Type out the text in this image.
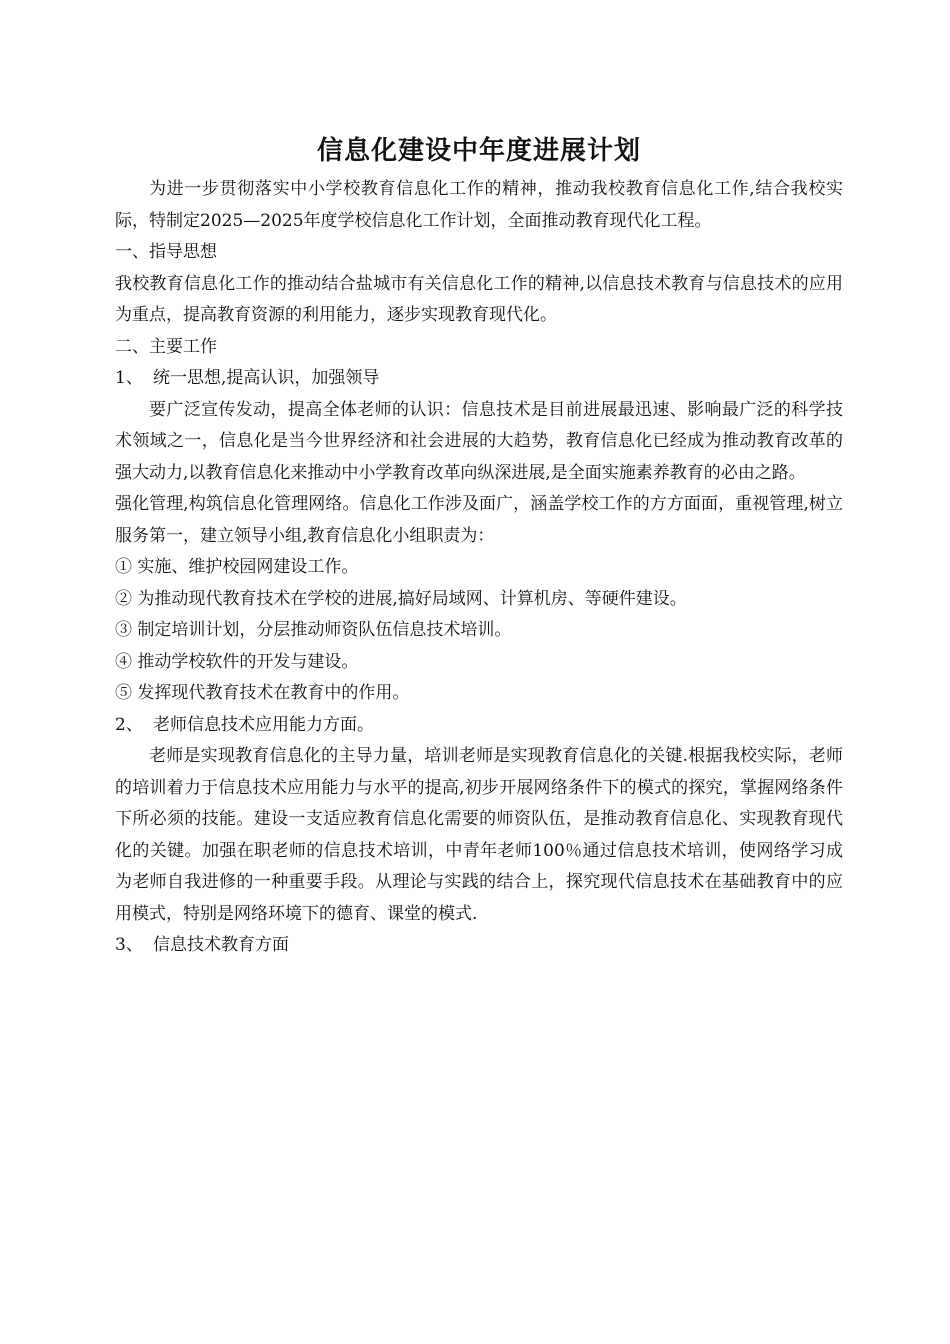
信息化建设中年度进展计划

为进一步贯彻落实中小学校教育信息化工作的精神，推动我校教育信息化工作,结合我校实际，特制定2025—2025年度学校信息化工作计划，全面推动教育现代化工程。

一、指导思想

我校教育信息化工作的推动结合盐城市有关信息化工作的精神,以信息技术教育与信息技术的应用为重点，提高教育资源的利用能力，逐步实现教育现代化。

二、主要工作

1、 统一思想,提高认识，加强领导

要广泛宣传发动，提高全体老师的认识：信息技术是目前进展最迅速、影响最广泛的科学技术领域之一，信息化是当今世界经济和社会进展的大趋势，教育信息化已经成为推动教育改革的强大动力,以教育信息化来推动中小学教育改革向纵深进展,是全面实施素养教育的必由之路。

强化管理,构筑信息化管理网络。信息化工作涉及面广，涵盖学校工作的方方面面，重视管理,树立服务第一，建立领导小组,教育信息化小组职责为：

① 实施、维护校园网建设工作。

② 为推动现代教育技术在学校的进展,搞好局域网、计算机房、等硬件建设。

③ 制定培训计划，分层推动师资队伍信息技术培训。

④ 推动学校软件的开发与建设。

⑤ 发挥现代教育技术在教育中的作用。

2、 老师信息技术应用能力方面。

老师是实现教育信息化的主导力量，培训老师是实现教育信息化的关键.根据我校实际，老师的培训着力于信息技术应用能力与水平的提高,初步开展网络条件下的模式的探究，掌握网络条件下所必须的技能。建设一支适应教育信息化需要的师资队伍，是推动教育信息化、实现教育现代化的关键。加强在职老师的信息技术培训，中青年老师100％通过信息技术培训，使网络学习成为老师自我进修的一种重要手段。从理论与实践的结合上，探究现代信息技术在基础教育中的应用模式，特别是网络环境下的德育、课堂的模式.

3、 信息技术教育方面
